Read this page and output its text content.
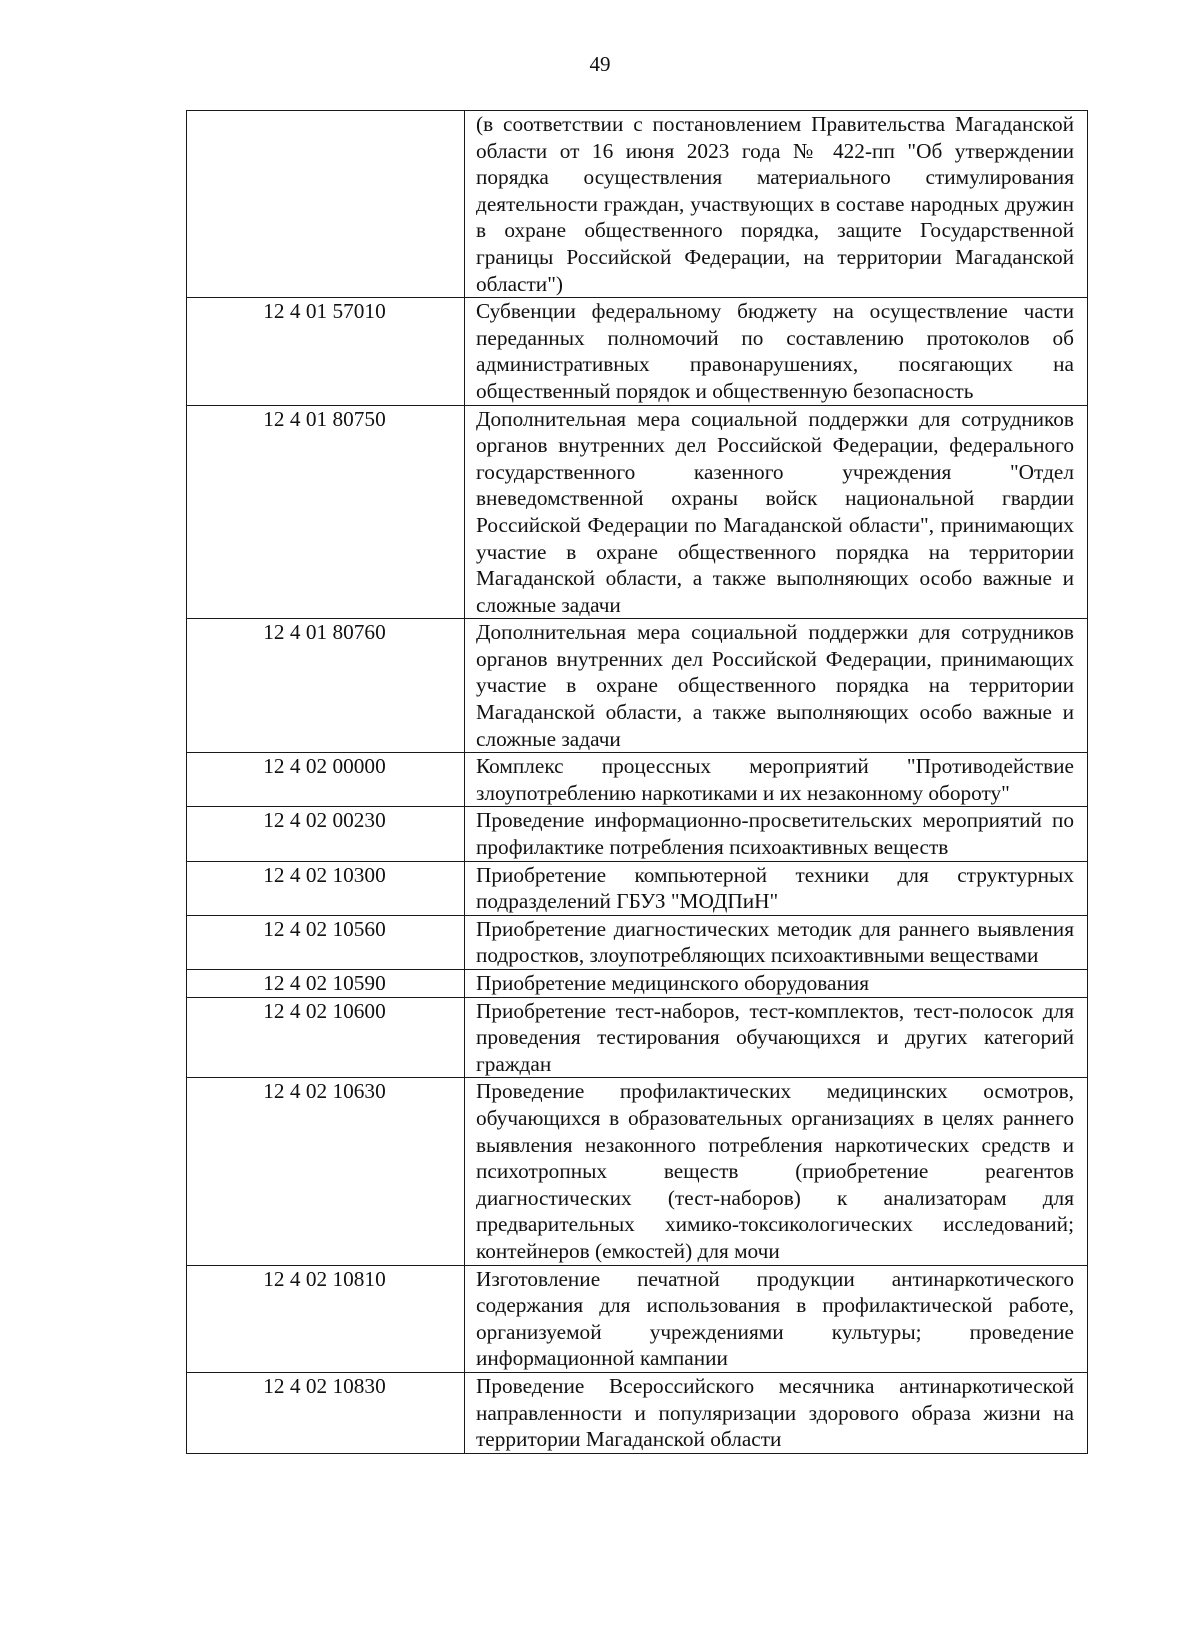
49
	(в соответствии с постановлением Правительства Магаданской области от 16 июня 2023 года № 422-пп "Об утверждении порядка осуществления материального стимулирования деятельности граждан, участвующих в составе народных дружин в охране общественного порядка, защите Государственной границы Российской Федерации, на территории Магаданской области")
12 4 01 57010	Субвенции федеральному бюджету на осуществление части переданных полномочий по составлению протоколов об административных правонарушениях, посягающих на общественный порядок и общественную безопасность
12 4 01 80750	Дополнительная мера социальной поддержки для сотрудников органов внутренних дел Российской Федерации, федерального государственного казенного учреждения "Отдел вневедомственной охраны войск национальной гвардии Российской Федерации по Магаданской области", принимающих участие в охране общественного порядка на территории Магаданской области, а также выполняющих особо важные и сложные задачи
12 4 01 80760	Дополнительная мера социальной поддержки для сотрудников органов внутренних дел Российской Федерации, принимающих участие в охране общественного порядка на территории Магаданской области, а также выполняющих особо важные и сложные задачи
12 4 02 00000	Комплекс процессных мероприятий "Противодействие злоупотреблению наркотиками и их незаконному обороту"
12 4 02 00230	Проведение информационно-просветительских мероприятий по профилактике потребления психоактивных веществ
12 4 02 10300	Приобретение компьютерной техники для структурных подразделений ГБУЗ "МОДПиН"
12 4 02 10560	Приобретение диагностических методик для раннего выявления подростков, злоупотребляющих психоактивными веществами
12 4 02 10590	Приобретение медицинского оборудования
12 4 02 10600	Приобретение тест-наборов, тест-комплектов, тест-полосок для проведения тестирования обучающихся и других категорий граждан
12 4 02 10630	Проведение профилактических медицинских осмотров, обучающихся в образовательных организациях в целях раннего выявления незаконного потребления наркотических средств и психотропных веществ (приобретение реагентов диагностических (тест-наборов) к анализаторам для предварительных химико-токсикологических исследований; контейнеров (емкостей) для мочи
12 4 02 10810	Изготовление печатной продукции антинаркотического содержания для использования в профилактической работе, организуемой учреждениями культуры; проведение информационной кампании
12 4 02 10830	Проведение Всероссийского месячника антинаркотической направленности и популяризации здорового образа жизни на территории Магаданской области
